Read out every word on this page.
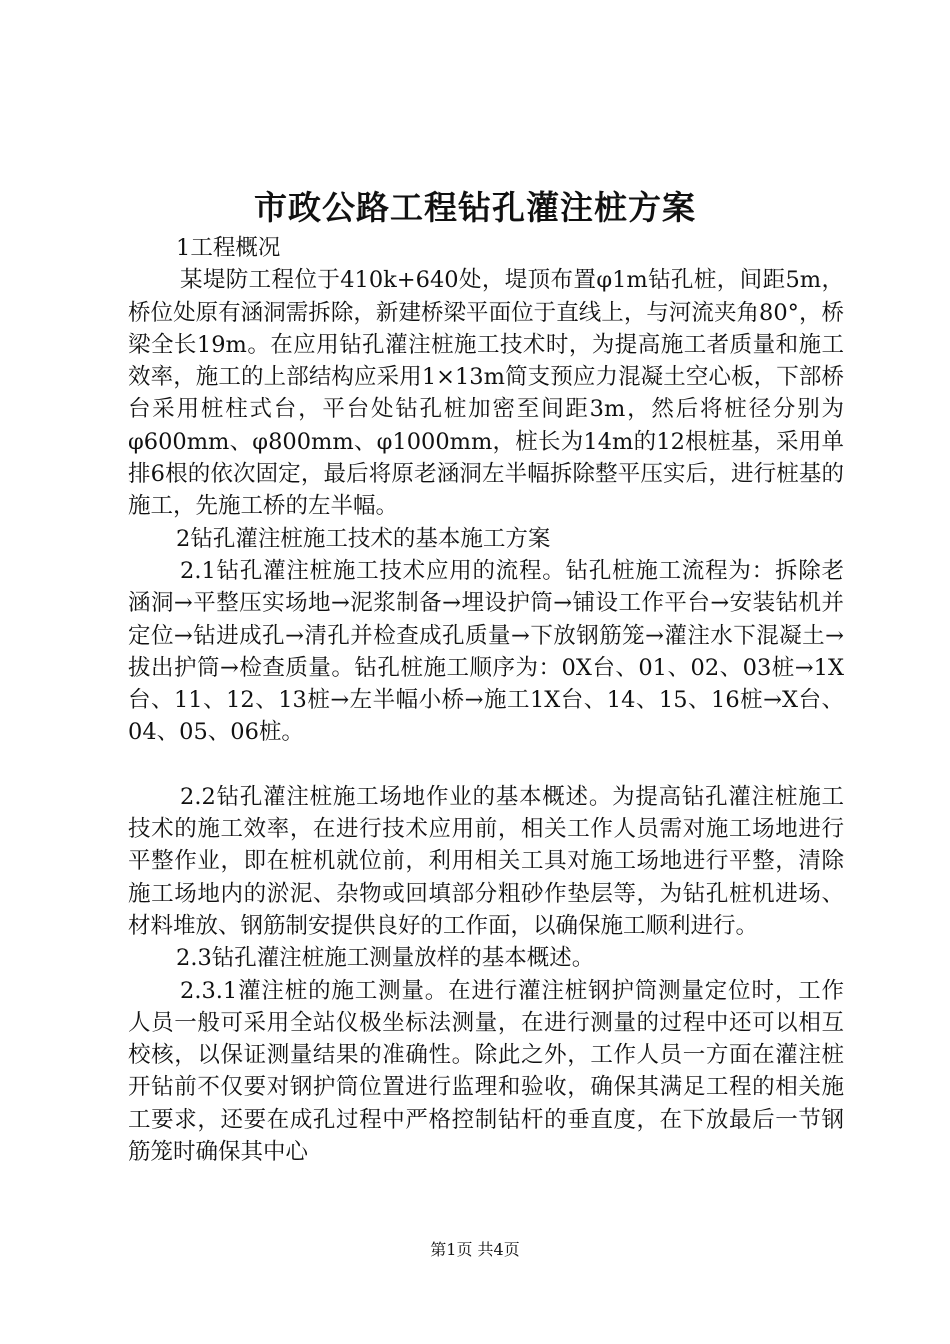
市政公路工程钻孔灌注桩方案

1工程概况

某堤防工程位于410k+640处，堤顶布置φ1m钻孔桩，间距5m，桥位处原有涵洞需拆除，新建桥梁平面位于直线上，与河流夹角80°，桥梁全长19m。在应用钻孔灌注桩施工技术时，为提高施工者质量和施工效率，施工的上部结构应采用1×13m简支预应力混凝土空心板，下部桥台采用桩柱式台，平台处钻孔桩加密至间距3m，然后将桩径分别为φ600mm、φ800mm、φ1000mm，桩长为14m的12根桩基，采用单排6根的依次固定，最后将原老涵洞左半幅拆除整平压实后，进行桩基的施工，先施工桥的左半幅。

2钻孔灌注桩施工技术的基本施工方案

2.1钻孔灌注桩施工技术应用的流程。钻孔桩施工流程为：拆除老涵洞→平整压实场地→泥浆制备→埋设护筒→铺设工作平台→安装钻机并定位→钻进成孔→清孔并检查成孔质量→下放钢筋笼→灌注水下混凝土→拔出护筒→检查质量。钻孔桩施工顺序为：0X台、01、02、03桩→1X台、11、12、13桩→左半幅小桥→施工1X台、14、15、16桩→X台、04、05、06桩。

2.2钻孔灌注桩施工场地作业的基本概述。为提高钻孔灌注桩施工技术的施工效率，在进行技术应用前，相关工作人员需对施工场地进行平整作业，即在桩机就位前，利用相关工具对施工场地进行平整，清除施工场地内的淤泥、杂物或回填部分粗砂作垫层等，为钻孔桩机进场、材料堆放、钢筋制安提供良好的工作面，以确保施工顺利进行。

2.3钻孔灌注桩施工测量放样的基本概述。

2.3.1灌注桩的施工测量。在进行灌注桩钢护筒测量定位时，工作人员一般可采用全站仪极坐标法测量，在进行测量的过程中还可以相互校核，以保证测量结果的准确性。除此之外，工作人员一方面在灌注桩开钻前不仅要对钢护筒位置进行监理和验收，确保其满足工程的相关施工要求，还要在成孔过程中严格控制钻杆的垂直度，在下放最后一节钢筋笼时确保其中心

第1页 共4页
